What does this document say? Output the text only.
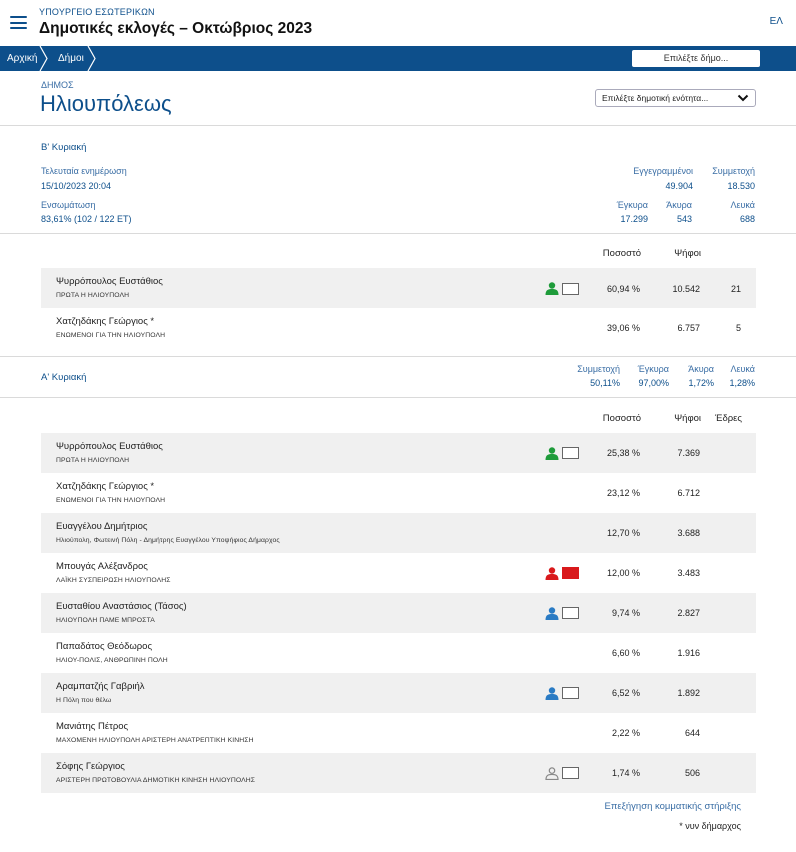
ΥΠΟΥΡΓΕΙΟ ΕΣΩΤΕΡΙΚΩΝ
Δημοτικές εκλογές – Οκτώβριος 2023	ΕΛ
Αρχική Δήμοι	Επιλέξτε δήμο...
ΔΗΜΟΣ
Ηλιουπόλεως	Επιλέξτε δημοτική ενότητα...
Β' Κυριακή
Τελευταία ενημέρωση
15/10/2023 20:04
Ενσωμάτωση
83,61% (102 / 122 ΕΤ)
Εγγεγραμμένοι
49.904
Συμμετοχή
18.530
Έγκυρα
17.299
Άκυρα
543
Λευκά
688
Ποσοστό	Ψήφοι
Ψυρρόπουλος Ευστάθιος
ΠΡΩΤΑ Η ΗΛΙΟΥΠΟΛΗ
60,94 %	10.542	21
Χατζηδάκης Γεώργιος *
ΕΝΩΜΕΝΟΙ ΓΙΑ ΤΗΝ ΗΛΙΟΥΠΟΛΗ
39,06 %	6.757	5
Α' Κυριακή
Συμμετοχή
50,11%
Έγκυρα
97,00%
Άκυρα
1,72%
Λευκά
1,28%
Ποσοστό	Ψήφοι Έδρες
Ψυρρόπουλος Ευστάθιος
ΠΡΩΤΑ Η ΗΛΙΟΥΠΟΛΗ
25,38 %	7.369
Χατζηδάκης Γεώργιος *
ΕΝΩΜΕΝΟΙ ΓΙΑ ΤΗΝ ΗΛΙΟΥΠΟΛΗ
23,12 %	6.712
Ευαγγέλου Δημήτριος
Ηλιούπολη, Φωτεινή Πόλη - Δημήτρης Ευαγγέλου Υποψήφιος Δήμαρχος
12,70 %	3.688
Μπουγάς Αλέξανδρος
ΛΑΪΚΗ ΣΥΣΠΕΙΡΩΣΗ ΗΛΙΟΥΠΟΛΗΣ
12,00 %	3.483
Ευσταθίου Αναστάσιος (Τάσος)
ΗΛΙΟΥΠΟΛΗ ΠΑΜΕ ΜΠΡΟΣΤΑ
9,74 %	2.827
Παπαδάτος Θεόδωρος
ΗΛΙΟΥ-ΠΟΛΙΣ, ΑΝΘΡΩΠΙΝΗ ΠΟΛΗ
6,60 %	1.916
Αραμπατζής Γαβριήλ
Η Πόλη που θέλω
6,52 %	1.892
Μανιάτης Πέτρος
ΜΑΧΟΜΕΝΗ ΗΛΙΟΥΠΟΛΗ ΑΡΙΣΤΕΡΗ ΑΝΑΤΡΕΠΤΙΚΗ ΚΙΝΗΣΗ
2,22 %	644
Σόφης Γεώργιος
ΑΡΙΣΤΕΡΗ ΠΡΩΤΟΒΟΥΛΙΑ ΔΗΜΟΤΙΚΗ ΚΙΝΗΣΗ ΗΛΙΟΥΠΟΛΗΣ
1,74 %	506
Επεξήγηση κομματικής στήριξης
* νυν δήμαρχος
